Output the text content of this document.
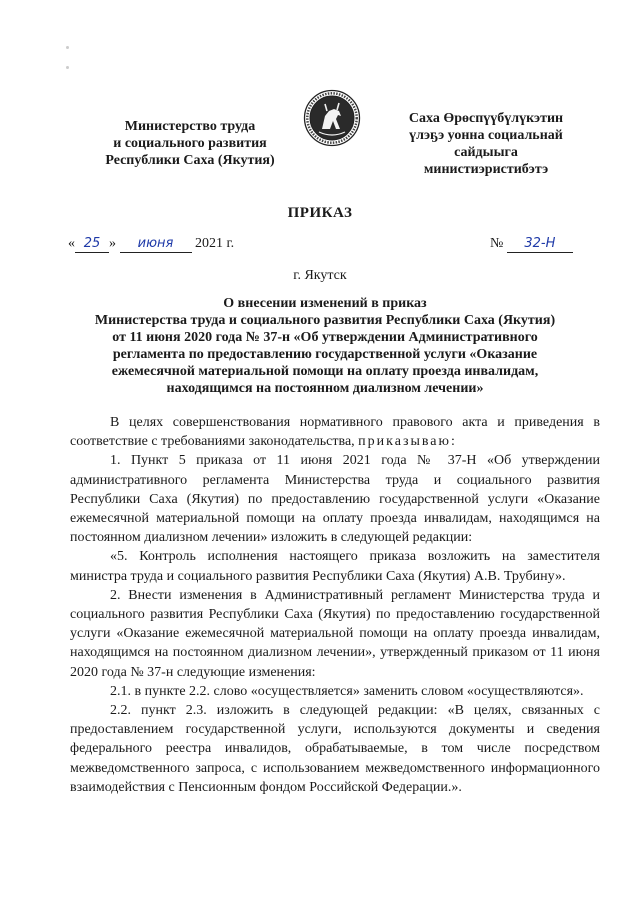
Министерство труда
и социального развития
Республики Саха (Якутия)
Саха Өрөспүүбүлүкэтин
үлэҕэ уонна социальнай
сайдыыга
министиэристибэтэ
ПРИКАЗ
« 25 » июня 2021 г.	№ 32-Н
г. Якутск
О внесении изменений в приказ
Министерства труда и социального развития Республики Саха (Якутия)
от 11 июня 2020 года № 37-н «Об утверждении Административного
регламента по предоставлению государственной услуги «Оказание
ежемесячной материальной помощи на оплату проезда инвалидам,
находящимся на постоянном диализном лечении»

В целях совершенствования нормативного правового акта и приведения в соответствие с требованиями законодательства, приказываю:

1. Пункт 5 приказа от 11 июня 2021 года № 37-Н «Об утверждении административного регламента Министерства труда и социального развития Республики Саха (Якутия) по предоставлению государственной услуги «Оказание ежемесячной материальной помощи на оплату проезда инвалидам, находящимся на постоянном диализном лечении» изложить в следующей редакции:

«5. Контроль исполнения настоящего приказа возложить на заместителя министра труда и социального развития Республики Саха (Якутия) А.В. Трубину».

2. Внести изменения в Административный регламент Министерства труда и социального развития Республики Саха (Якутия) по предоставлению государственной услуги «Оказание ежемесячной материальной помощи на оплату проезда инвалидам, находящимся на постоянном диализном лечении», утвержденный приказом от 11 июня 2020 года № 37-н следующие изменения:

2.1. в пункте 2.2. слово «осуществляется» заменить словом «осуществляются».

2.2. пункт 2.3. изложить в следующей редакции: «В целях, связанных с предоставлением государственной услуги, используются документы и сведения федерального реестра инвалидов, обрабатываемые, в том числе посредством межведомственного запроса, с использованием межведомственного информационного взаимодействия с Пенсионным фондом Российской Федерации.».
